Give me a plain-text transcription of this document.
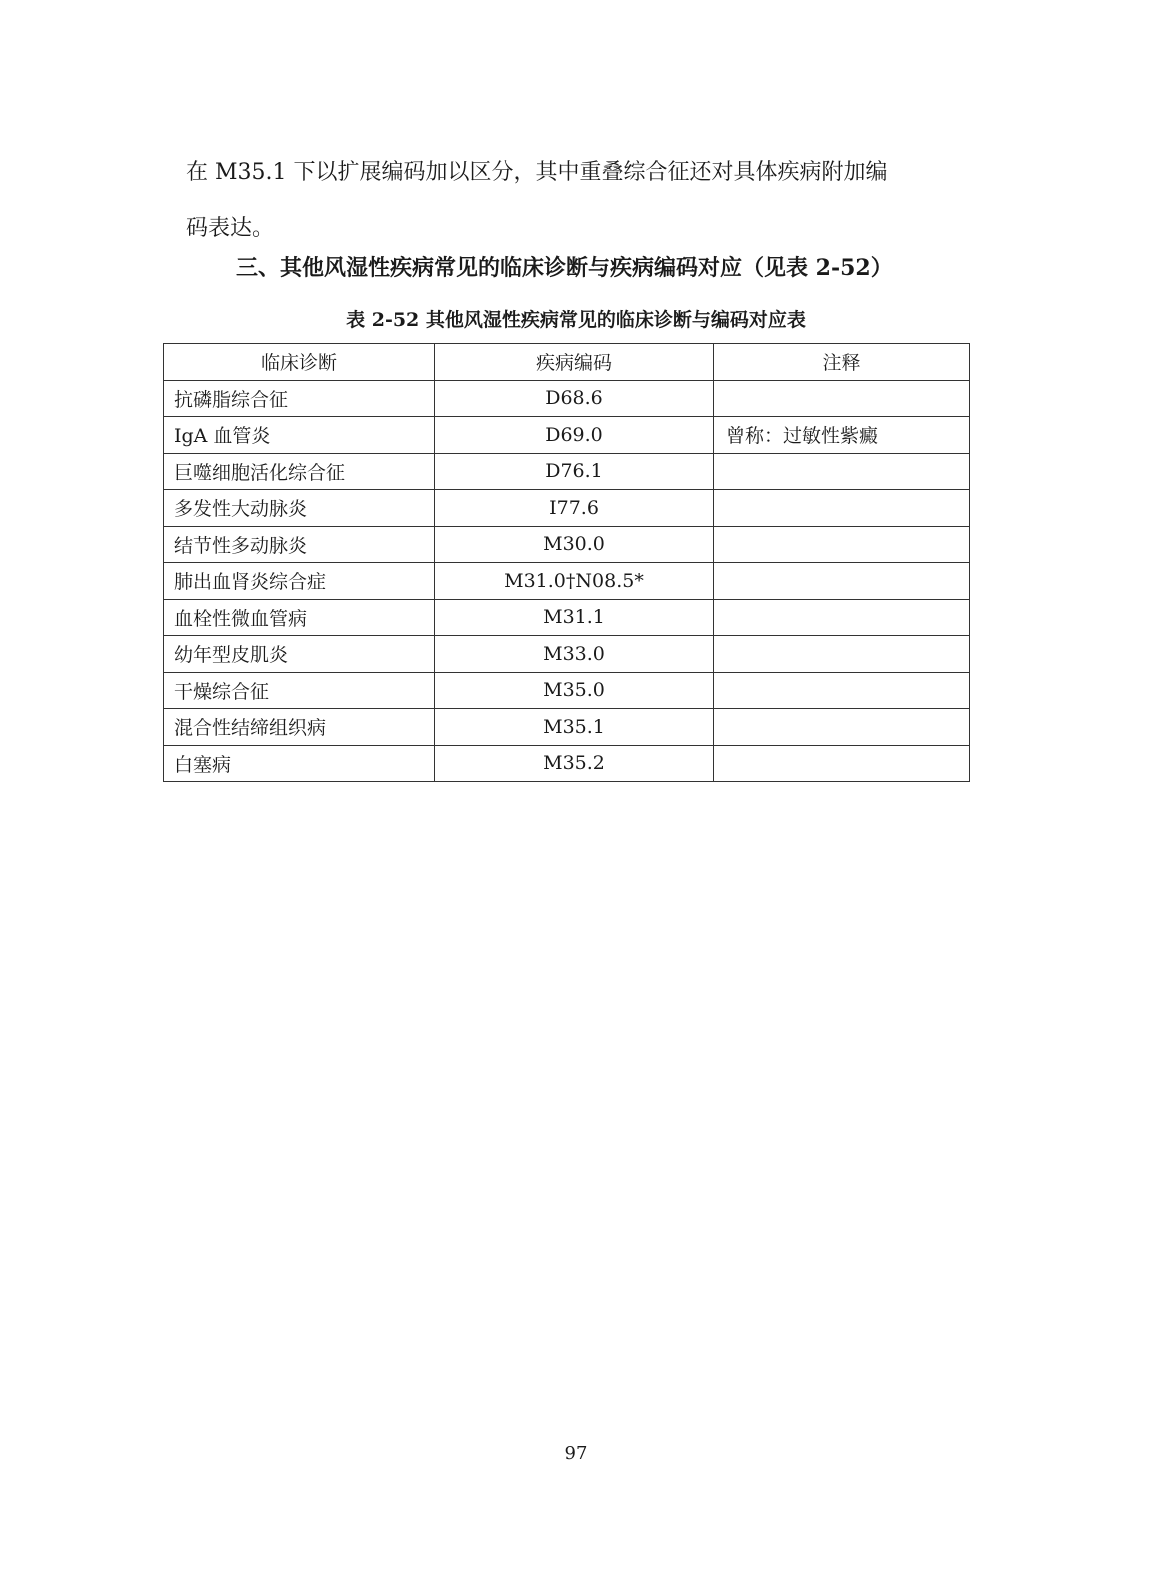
在 M35.1 下以扩展编码加以区分，其中重叠综合征还对具体疾病附加编
码表达。

三、其他风湿性疾病常见的临床诊断与疾病编码对应（见表 2-52）

表 2-52 其他风湿性疾病常见的临床诊断与编码对应表

临床诊断	疾病编码	注释
抗磷脂综合征	D68.6	
IgA 血管炎	D69.0	曾称：过敏性紫癜
巨噬细胞活化综合征	D76.1	
多发性大动脉炎	I77.6	
结节性多动脉炎	M30.0	
肺出血肾炎综合症	M31.0†N08.5*	
血栓性微血管病	M31.1	
幼年型皮肌炎	M33.0	
干燥综合征	M35.0	
混合性结缔组织病	M35.1	
白塞病	M35.2	

97
